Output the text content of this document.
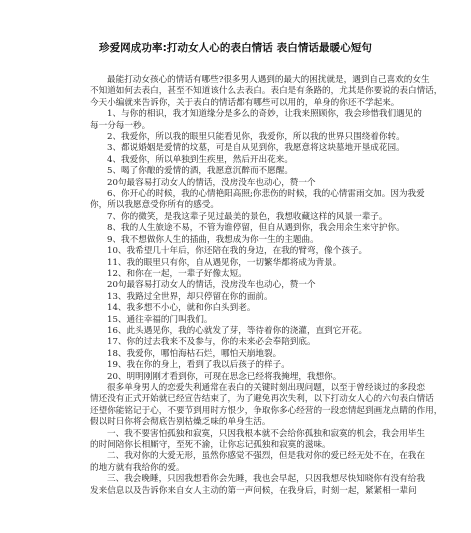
珍爱网成功率:打动女人心的表白情话 表白情话最暖心短句
最能打动女孩心的情话有哪些?很多男人遇到的最大的困扰就是，遇到自己喜欢的女生
不知道如何去表白，甚至不知道该什么去表白。表白是有条路的，尤其是你要说的表白情话，
今天小编就来告诉你，关于表白的情话都有哪些可以用的，单身的你还不学起来。
1、与你的相识，我才知道缘分是多么的奇妙，让我来照顾你，我会珍惜我们遇见的
每一分每一秒。
2、我爱你，所以我的眼里只能看见你，我爱你，所以我的世界只围绕着你转。
3、都说婚姻是爱情的坟墓，可是自从见到你，我愿意将这块墓地开垦成花园。
4、我爱你，所以单独到生疾里，然后开出花来。
5、喝了你酿的爱情的酒，我愿意沉醉而不愿醒。
20句最容易打动女人的情话，没房没车也动心，赞一个
6、你开心的时候，我的心情艳阳高照;你悲伤的时候，我的心情雷雨交加。因为我爱
你，所以我愿意受你所有的感受。
7、你的微笑，是我这辈子见过最美的景色，我想收藏这样的风景一辈子。
8、我的人生旅途不易，不管为谁停留，但自从遇到你，我会用余生来守护你。
9、我不想做你人生的插曲，我想成为你一生的主题曲。
10、我希望几十年后，你还陪在我的身边，在我的臂弯，像个孩子。
11、我的眼里只有你，自从遇见你，一切繁华都将成为背景。
12、和你在一起，一辈子好像太短。
20句最容易打动女人的情话，没房没车也动心，赞一个
13、我路过全世界，却只停留在你的面前。
14、我多想不小心，就和你白头到老。
15、通往幸福的门叫我们。
16、此头遇见你，我的心就发了芽，等待着你的浇灌，直到它开花。
17、你的过去我来不及参与，你的未来必会奉陪到底。
18、我爱你，哪怕海枯石烂，哪怕天崩地裂。
19、我在你的身上，看到了我以后孩子的样子。
20、明明刚刚才看到你，可现在思念已经将我掩埋，我想你。
很多单身男人的恋爱失利通常在表白的关键时刻出现问题，以至于曾经谈过的多段恋
情还没有正式开始就已经宣告结束了，为了避免再次失利，以下打动女人心的六句表白情话
还望你能铭记于心，不要节到用时方恨少，争取你多心经营的一段恋情起到画龙点睛的作用，
假以时日你将会彻底告别枯燥乏味的单身生活。
一、我不要害怕孤独和寂寞，只因我根本就不会给你孤独和寂寞的机会，我会用毕生
的时间陪你长相厮守，至死不渝，让你忘记孤独和寂寞的滋味。
二、我对你的大爱无形，虽然你感觉不强烈，但是我对你的爱已经无处不在，在我在
的地方就有我给你的爱。
三、我会晚睡，只因我想看你会先睡，我也会早起，只因我想尽快知晓你有没有给我
发来信息以及告诉你来自女人主动的第一声问候，在我身后，时刻一起，紧紧相一辈问
